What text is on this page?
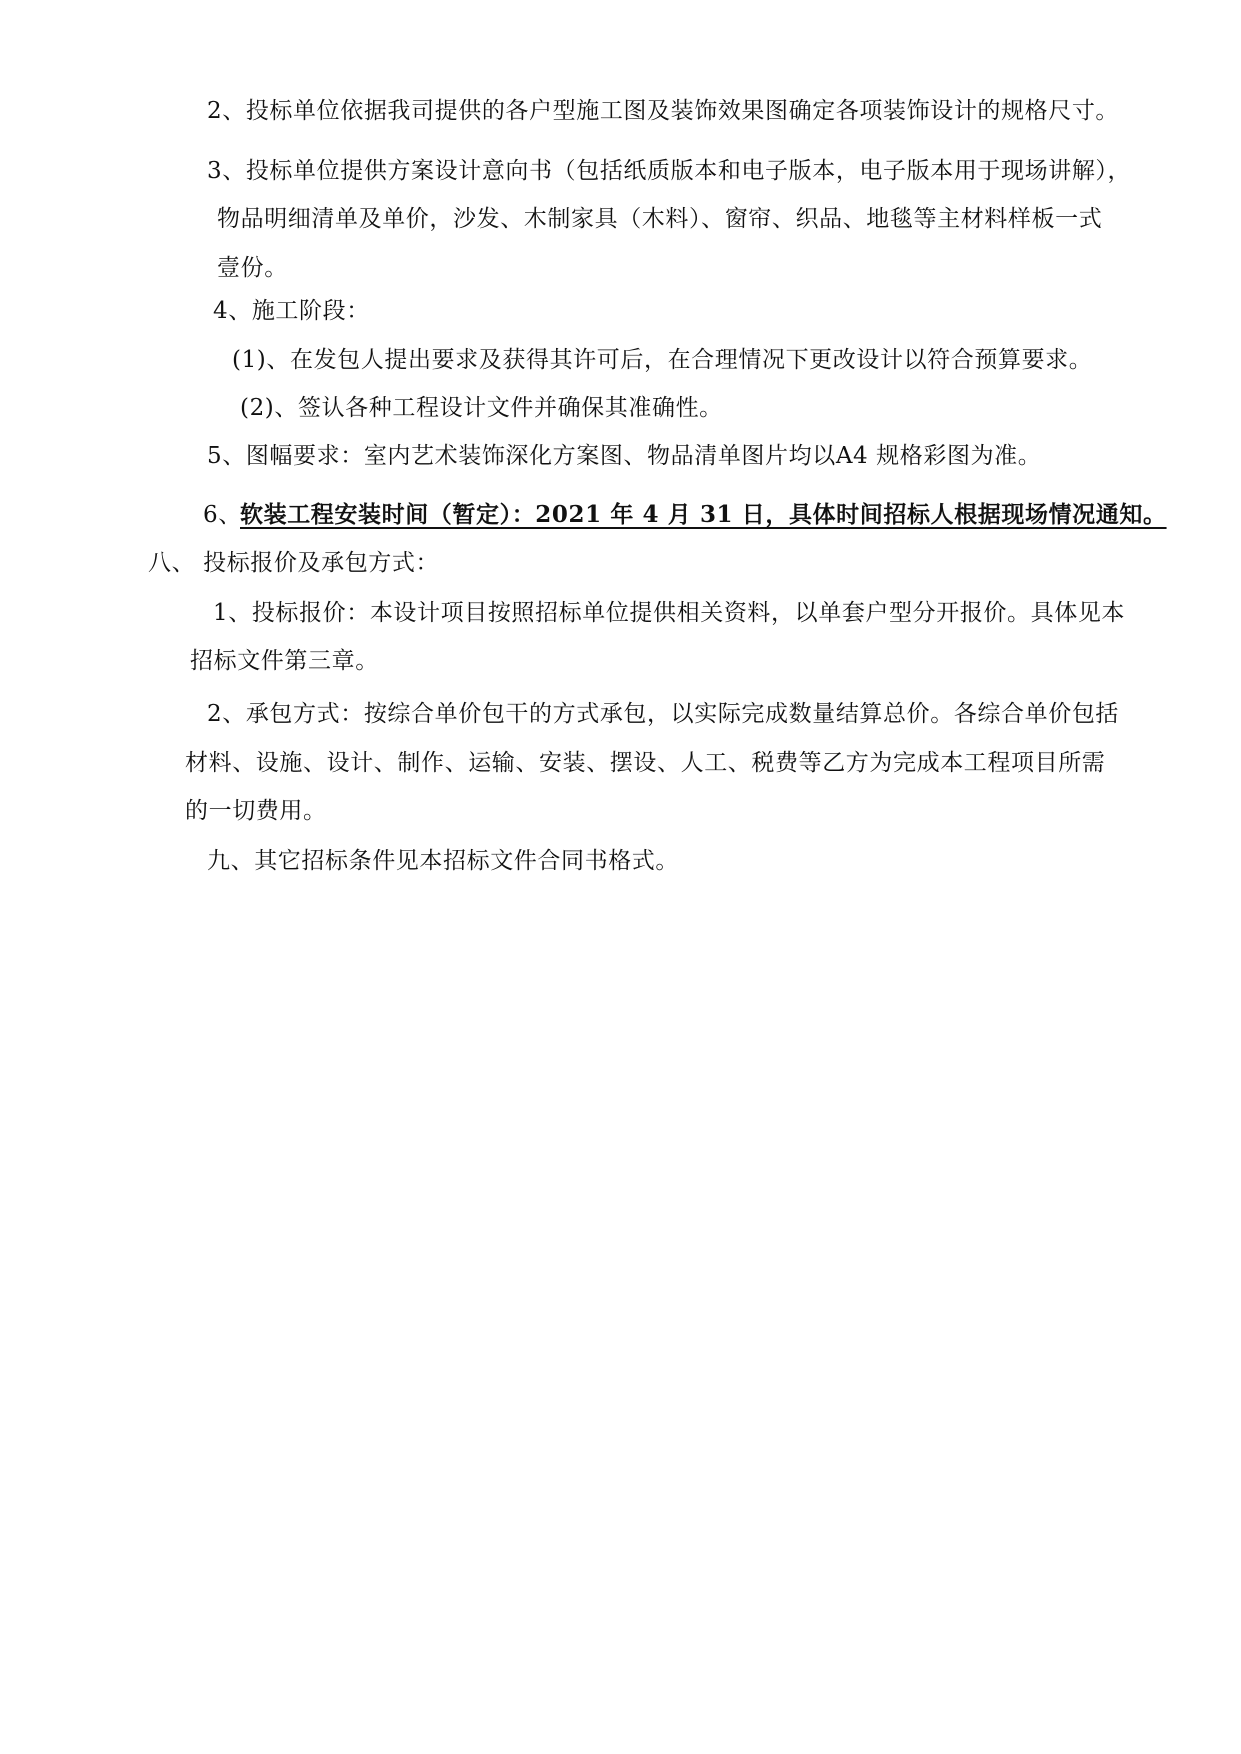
2、投标单位依据我司提供的各户型施工图及装饰效果图确定各项装饰设计的规格尺寸。
3、投标单位提供方案设计意向书（包括纸质版本和电子版本，电子版本用于现场讲解），
物品明细清单及单价，沙发、木制家具（木料）、窗帘、织品、地毯等主材料样板一式
壹份。
4、施工阶段：
(1)、在发包人提出要求及获得其许可后，在合理情况下更改设计以符合预算要求。
(2)、签认各种工程设计文件并确保其准确性。
5、图幅要求：室内艺术装饰深化方案图、物品清单图片均以A4 规格彩图为准。
6、
软装工程安装时间（暂定）：2021 年 4 月 31 日，具体时间招标人根据现场情况通知。
八、 投标报价及承包方式：
1、投标报价：本设计项目按照招标单位提供相关资料，以单套户型分开报价。具体见本
招标文件第三章。
2、承包方式：按综合单价包干的方式承包，以实际完成数量结算总价。各综合单价包括
材料、设施、设计、制作、运输、安装、摆设、人工、税费等乙方为完成本工程项目所需
的一切费用。
九、其它招标条件见本招标文件合同书格式。
